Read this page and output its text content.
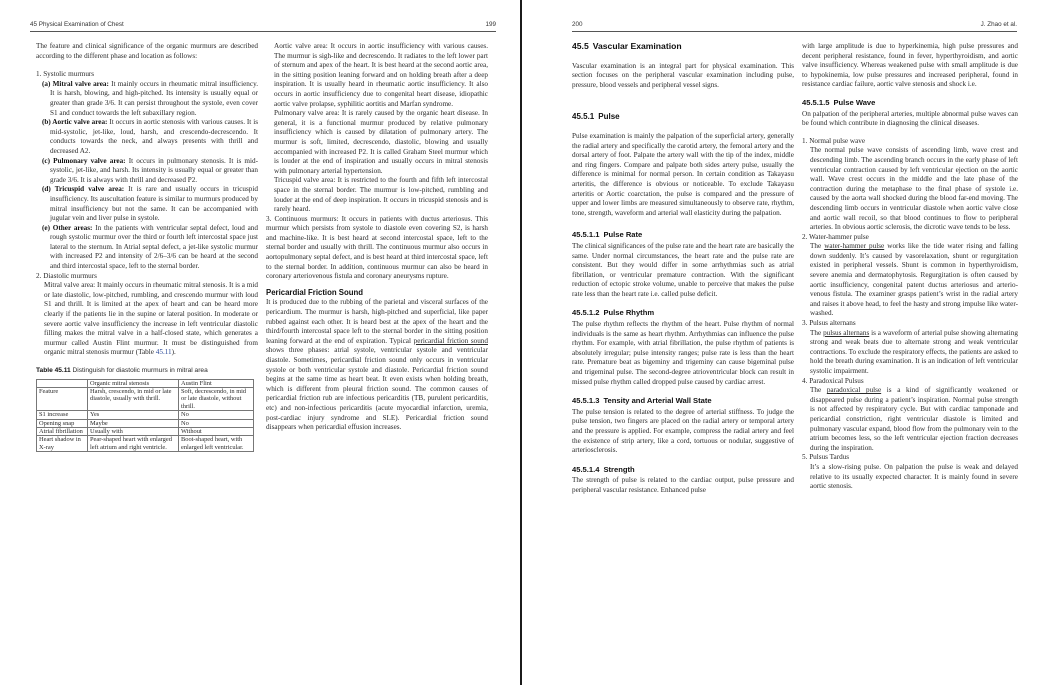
45 Physical Examination of Chest	199

The feature and clinical significance of the organic murmurs are described according to the different phase and location as follows:

1. Systolic murmurs

(a) Mitral valve area: It mainly occurs in rheumatic mitral insufficiency. It is harsh, blowing, and high-pitched. Its intensity is usually equal or greater than grade 3/6. It can persist throughout the systole, even cover S1 and conduct towards the left subaxillary region.

(b) Aortic valve area: It occurs in aortic stenosis with various causes. It is mid-systolic, jet-like, loud, harsh, and crescendo-decrescendo. It conducts towards the neck, and always presents with thrill and decreased A2.

(c) Pulmonary valve area: It occurs in pulmonary stenosis. It is mid-systolic, jet-like, and harsh. Its intensity is usually equal or greater than grade 3/6. It is always with thrill and decreased P2.

(d) Tricuspid valve area: It is rare and usually occurs in tricuspid insufficiency. Its auscultation feature is similar to murmurs produced by mitral insufficiency but not the same. It can be accompanied with jugular vein and liver pulse in systole.

(e) Other areas: In the patients with ventricular septal defect, loud and rough systolic murmur over the third or fourth left intercostal space just lateral to the sternum. In Atrial septal defect, a jet-like systolic murmur with increased P2 and intensity of 2/6–3/6 can be heard at the second and third intercostal space, left to the sternal border.

2. Diastolic murmurs

Mitral valve area: It mainly occurs in rheumatic mitral stenosis. It is a mid or late diastolic, low-pitched, rumbling, and crescendo murmur with loud S1 and thrill. It is limited at the apex of heart and can be heard more clearly if the patients lie in the supine or lateral position. In moderate or severe aortic valve insufficiency the increase in left ventricular diastolic filling makes the mitral valve in a half-closed state, which generates a murmur called Austin Flint murmur. It must be distinguished from organic mitral stenosis murmur (Table 45.11).

Table 45.11 Distinguish for diastolic murmurs in mitral area
	Organic mitral stenosis	Austin Flint
Feature	Harsh, crescendo, in mid or late diastole, usually with thrill.	Soft, decrescendo, in mid or late diastole, without thrill.
S1 increase	Yes	No
Opening snap	Maybe	No
Atrial fibrillation	Usually with	Without
Heart shadow in X-ray	Pear-shaped heart with enlarged left atrium and right ventricle.	Boot-shaped heart, with enlarged left ventricular.

Aortic valve area: It occurs in aortic insufficiency with various causes. The murmur is sigh-like and decrescendo. It radiates to the left lower part of sternum and apex of the heart. It is best heard at the second aortic area, in the sitting position leaning forward and on holding breath after a deep inspiration. It is usually heard in rheumatic aortic insufficiency. It also occurs in aortic insufficiency due to congenital heart disease, idiopathic aortic valve prolapse, syphilitic aortitis and Marfan syndrome.

Pulmonary valve area: It is rarely caused by the organic heart disease. In general, it is a functional murmur produced by relative pulmonary insufficiency which is caused by dilatation of pulmonary artery. The murmur is soft, limited, decrescendo, diastolic, blowing and usually accompanied with increased P2. It is called Graham Steel murmur which is louder at the end of inspiration and usually occurs in mitral stenosis with pulmonary arterial hypertension.

Tricuspid valve area: It is restricted to the fourth and fifth left intercostal space in the sternal border. The murmur is low-pitched, rumbling and louder at the end of deep inspiration. It occurs in tricuspid stenosis and is rarely heard.

3. Continuous murmurs: It occurs in patients with ductus arteriosus. This murmur which persists from systole to diastole even covering S2, is harsh and machine-like. It is best heard at second intercostal space, left to the sternal border and usually with thrill. The continuous murmur also occurs in aortopulmonary septal defect, and is best heard at third intercostal space, left to the sternal border. In addition, continuous murmur can also be heard in coronary arteriovenous fistula and coronary aneurysms rupture.

Pericardial Friction Sound

It is produced due to the rubbing of the parietal and visceral surfaces of the pericardium. The murmur is harsh, high-pitched and superficial, like paper rubbed against each other. It is heard best at the apex of the heart and the third/fourth intercostal space left to the sternal border in the sitting position leaning forward at the end of expiration. Typical pericardial friction sound shows three phases: atrial systole, ventricular systole and ventricular diastole. Sometimes, pericardial friction sound only occurs in ventricular systole or both ventricular systole and diastole. Pericardial friction sound begins at the same time as heart beat. It even exists when holding breath, which is different from pleural friction sound. The common causes of pericardial friction rub are infectious pericarditis (TB, purulent pericarditis, etc) and non-infectious pericarditis (acute myocardial infarction, uremia, post-cardiac injury syndrome and SLE). Pericardial friction sound disappears when pericardial effusion increases.

200	J. Zhao et al.
45.5 Vascular Examination

Vascular examination is an integral part for physical examination. This section focuses on the peripheral vascular examination including pulse, pressure, blood vessels and peripheral vessel signs.

45.5.1 Pulse

Pulse examination is mainly the palpation of the superficial artery, generally the radial artery and specifically the carotid artery, the femoral artery and the dorsal artery of foot. Palpate the artery wall with the tip of the index, middle and ring fingers. Compare and palpate both sides artery pulse, usually the difference is minimal for normal person. In certain condition as Takayasu arteritis, the difference is obvious or noticeable. To exclude Takayasu arteritis or Aortic coarctation, the pulse is compared and the pressure of upper and lower limbs are measured simultaneously to observe rate, rhythm, tone, strength, waveform and arterial wall elasticity during the palpation.

45.5.1.1 Pulse Rate

The clinical significances of the pulse rate and the heart rate are basically the same. Under normal circumstances, the heart rate and the pulse rate are consistent. But they would differ in some arrhythmias such as atrial fibrillation, or ventricular premature contraction. With the significant reduction of ectopic stroke volume, unable to perceive that makes the pulse rate less than the heart rate i.e. called pulse deficit.

45.5.1.2 Pulse Rhythm

The pulse rhythm reflects the rhythm of the heart. Pulse rhythm of normal individuals is the same as heart rhythm. Arrhythmias can influence the pulse rhythm. For example, with atrial fibrillation, the pulse rhythm of patients is absolutely irregular; pulse intensity ranges; pulse rate is less than the heart rate. Premature beat as bigeminy and trigeminy can cause bigeminal pulse and trigeminal pulse. The second-degree atrioventricular block can result in missed pulse rhythm called dropped pulse caused by cardiac arrest.

45.5.1.3 Tensity and Arterial Wall State

The pulse tension is related to the degree of arterial stiffness. To judge the pulse tension, two fingers are placed on the radial artery or temporal artery and the pressure is applied. For example, compress the radial artery and feel the existence of strip artery, like a cord, tortuous or nodular, suggestive of arteriosclerosis.

45.5.1.4 Strength

The strength of pulse is related to the cardiac output, pulse pressure and peripheral vascular resistance. Enhanced pulse

with large amplitude is due to hyperkinemia, high pulse pressures and decent peripheral resistance, found in fever, hyperthyroidism, and aortic valve insufficiency. Whereas weakened pulse with small amplitude is due to hypokinemia, low pulse pressures and increased peripheral, found in resistance cardiac failure, aortic valve stenosis and shock i.e.

45.5.1.5 Pulse Wave

On palpation of the peripheral arteries, multiple abnormal pulse waves can be found which contribute in diagnosing the clinical diseases.

1. Normal pulse wave

The normal pulse wave consists of ascending limb, wave crest and descending limb. The ascending branch occurs in the early phase of left ventricular contraction caused by left ventricular ejection on the aortic wall. Wave crest occurs in the middle and the late phase of the contraction during the metaphase to the final phase of systole i.e. caused by the aorta wall shocked during the blood far-end moving. The descending limb occurs in ventricular diastole when aortic valve close and aortic wall recoil, so that blood continues to flow to peripheral arteries. In obvious aortic sclerosis, the dicrotic wave tends to be less.

2. Water-hammer pulse

The water-hammer pulse works like the tide water rising and falling down suddenly. It’s caused by vasorelaxation, shunt or regurgitation existed in peripheral vessels. Shunt is common in hyperthyroidism, severe anemia and dermatophytosis. Regurgitation is often caused by aortic insufficiency, congenital patent ductus arteriosus and arterio-venous fistula. The examiner grasps patient’s wrist in the radial artery and raises it above head, to feel the hasty and strong impulse like water-washed.

3. Pulsus alternans

The pulsus alternans is a waveform of arterial pulse showing alternating strong and weak beats due to alternate strong and weak ventricular contractions. To exclude the respiratory effects, the patients are asked to hold the breath during examination. It is an indication of left ventricular systolic impairment.

4. Paradoxical Pulsus

The paradoxical pulse is a kind of significantly weakened or disappeared pulse during a patient’s inspiration. Normal pulse strength is not affected by respiratory cycle. But with cardiac tamponade and pericardial constriction, right ventricular diastole is limited and pulmonary vascular expand, blood flow from the pulmonary vein to the atrium becomes less, so the left ventricular ejection fraction decreases during the inspiration.

5. Pulsus Tardus

It’s a slow-rising pulse. On palpation the pulse is weak and delayed relative to its usually expected character. It is mainly found in severe aortic stenosis.
